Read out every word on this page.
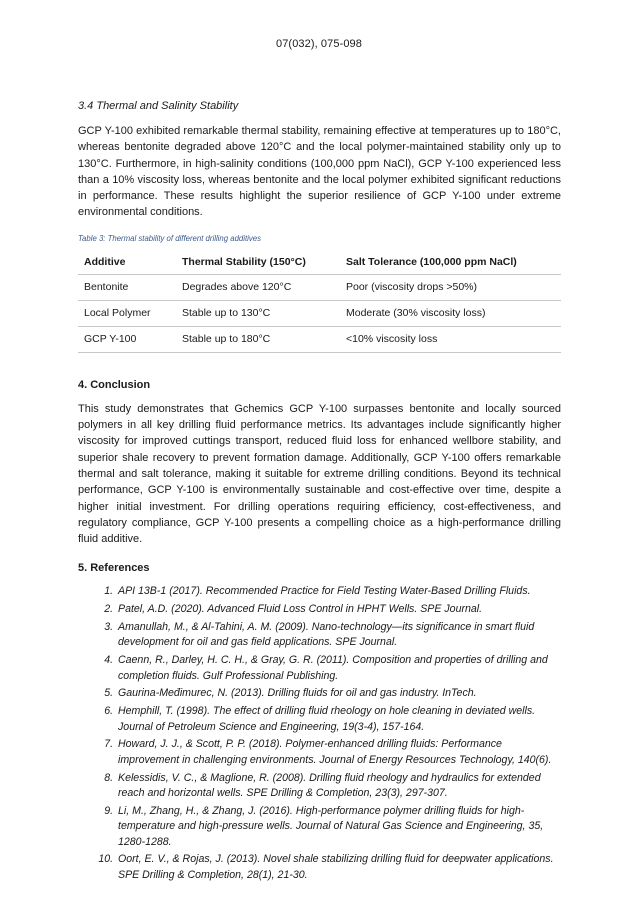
07(032), 075-098

3.4 Thermal and Salinity Stability

GCP Y-100 exhibited remarkable thermal stability, remaining effective at temperatures up to 180°C, whereas bentonite degraded above 120°C and the local polymer-maintained stability only up to 130°C. Furthermore, in high-salinity conditions (100,000 ppm NaCl), GCP Y-100 experienced less than a 10% viscosity loss, whereas bentonite and the local polymer exhibited significant reductions in performance. These results highlight the superior resilience of GCP Y-100 under extreme environmental conditions.

Table 3: Thermal stability of different drilling additives

Additive	Thermal Stability (150°C)	Salt Tolerance (100,000 ppm NaCl)
Bentonite	Degrades above 120°C	Poor (viscosity drops >50%)
Local Polymer	Stable up to 130°C	Moderate (30% viscosity loss)
GCP Y-100	Stable up to 180°C	<10% viscosity loss

4. Conclusion

This study demonstrates that Gchemics GCP Y-100 surpasses bentonite and locally sourced polymers in all key drilling fluid performance metrics. Its advantages include significantly higher viscosity for improved cuttings transport, reduced fluid loss for enhanced wellbore stability, and superior shale recovery to prevent formation damage. Additionally, GCP Y-100 offers remarkable thermal and salt tolerance, making it suitable for extreme drilling conditions. Beyond its technical performance, GCP Y-100 is environmentally sustainable and cost-effective over time, despite a higher initial investment. For drilling operations requiring efficiency, cost-effectiveness, and regulatory compliance, GCP Y-100 presents a compelling choice as a high-performance drilling fluid additive.

5. References

1. API 13B-1 (2017). Recommended Practice for Field Testing Water-Based Drilling Fluids.
2. Patel, A.D. (2020). Advanced Fluid Loss Control in HPHT Wells. SPE Journal.
3. Amanullah, M., & Al-Tahini, A. M. (2009). Nano-technology—its significance in smart fluid development for oil and gas field applications. SPE Journal.
4. Caenn, R., Darley, H. C. H., & Gray, G. R. (2011). Composition and properties of drilling and completion fluids. Gulf Professional Publishing.
5. Gaurina-Međimurec, N. (2013). Drilling fluids for oil and gas industry. InTech.
6. Hemphill, T. (1998). The effect of drilling fluid rheology on hole cleaning in deviated wells. Journal of Petroleum Science and Engineering, 19(3-4), 157-164.
7. Howard, J. J., & Scott, P. P. (2018). Polymer-enhanced drilling fluids: Performance improvement in challenging environments. Journal of Energy Resources Technology, 140(6).
8. Kelessidis, V. C., & Maglione, R. (2008). Drilling fluid rheology and hydraulics for extended reach and horizontal wells. SPE Drilling & Completion, 23(3), 297-307.
9. Li, M., Zhang, H., & Zhang, J. (2016). High-performance polymer drilling fluids for high-temperature and high-pressure wells. Journal of Natural Gas Science and Engineering, 35, 1280-1288.
10. Oort, E. V., & Rojas, J. (2013). Novel shale stabilizing drilling fluid for deepwater applications. SPE Drilling & Completion, 28(1), 21-30.
